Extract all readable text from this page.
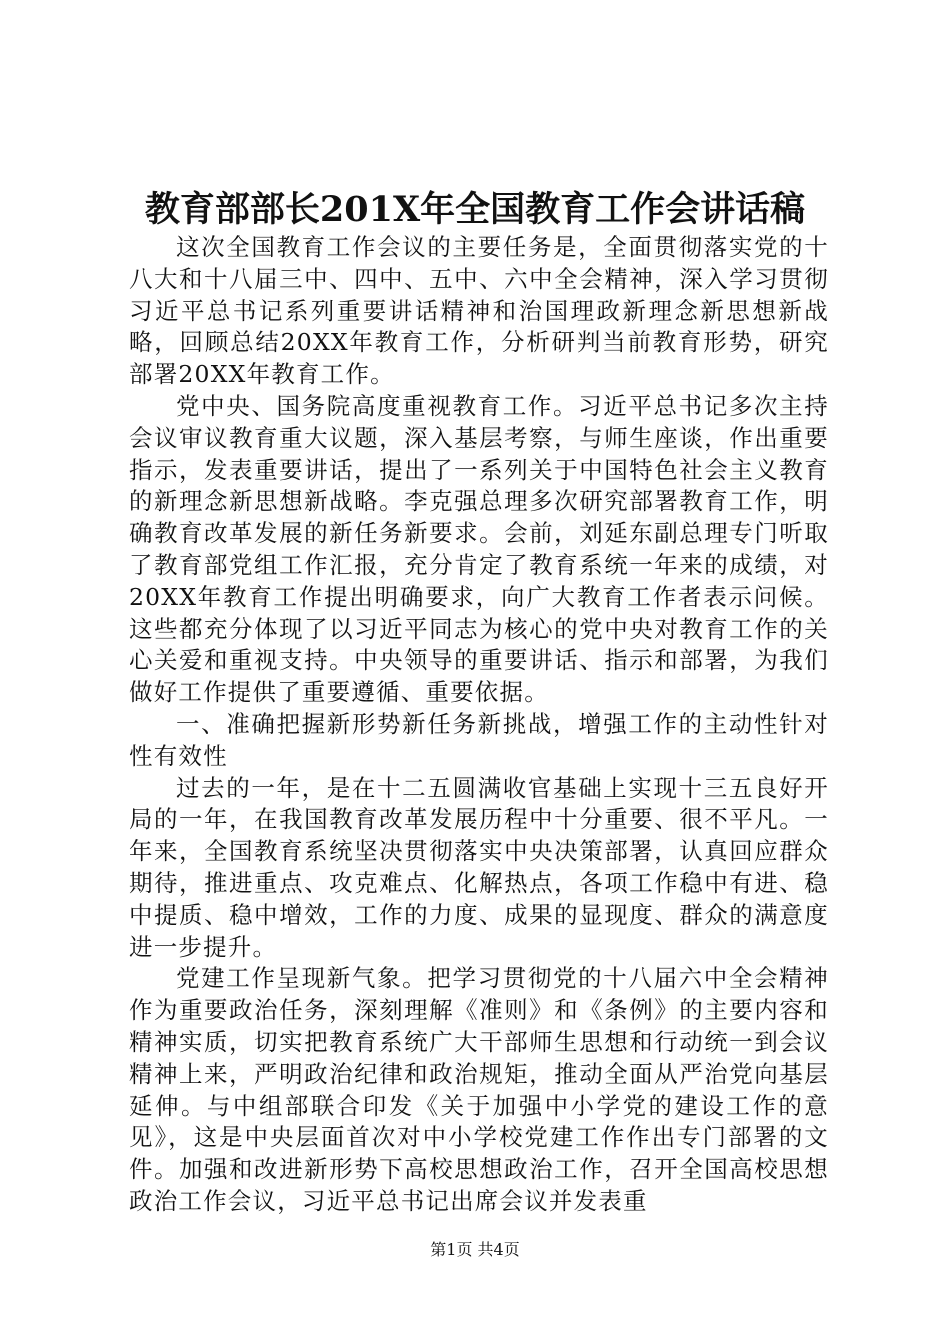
教育部部长201X年全国教育工作会讲话稿

这次全国教育工作会议的主要任务是，全面贯彻落实党的十八大和十八届三中、四中、五中、六中全会精神，深入学习贯彻习近平总书记系列重要讲话精神和治国理政新理念新思想新战略，回顾总结20XX年教育工作，分析研判当前教育形势，研究部署20XX年教育工作。

党中央、国务院高度重视教育工作。习近平总书记多次主持会议审议教育重大议题，深入基层考察，与师生座谈，作出重要指示，发表重要讲话，提出了一系列关于中国特色社会主义教育的新理念新思想新战略。李克强总理多次研究部署教育工作，明确教育改革发展的新任务新要求。会前，刘延东副总理专门听取了教育部党组工作汇报，充分肯定了教育系统一年来的成绩，对20XX年教育工作提出明确要求，向广大教育工作者表示问候。这些都充分体现了以习近平同志为核心的党中央对教育工作的关心关爱和重视支持。中央领导的重要讲话、指示和部署，为我们做好工作提供了重要遵循、重要依据。

一、准确把握新形势新任务新挑战，增强工作的主动性针对性有效性

过去的一年，是在十二五圆满收官基础上实现十三五良好开局的一年，在我国教育改革发展历程中十分重要、很不平凡。一年来，全国教育系统坚决贯彻落实中央决策部署，认真回应群众期待，推进重点、攻克难点、化解热点，各项工作稳中有进、稳中提质、稳中增效，工作的力度、成果的显现度、群众的满意度进一步提升。

党建工作呈现新气象。把学习贯彻党的十八届六中全会精神作为重要政治任务，深刻理解《准则》和《条例》的主要内容和精神实质，切实把教育系统广大干部师生思想和行动统一到会议精神上来，严明政治纪律和政治规矩，推动全面从严治党向基层延伸。与中组部联合印发《关于加强中小学党的建设工作的意见》，这是中央层面首次对中小学校党建工作作出专门部署的文件。加强和改进新形势下高校思想政治工作，召开全国高校思想政治工作会议，习近平总书记出席会议并发表重

第1页 共4页
